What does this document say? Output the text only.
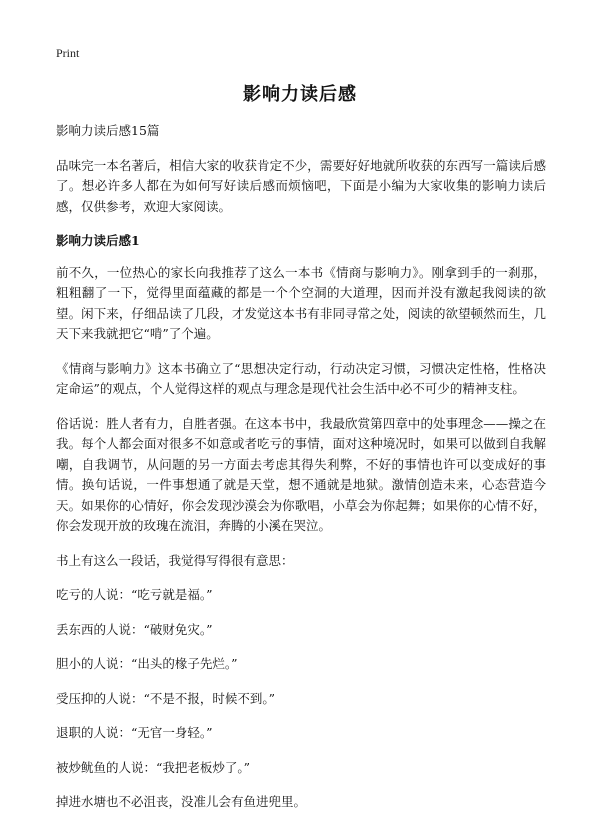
Print
影响力读后感

影响力读后感15篇

品味完一本名著后，相信大家的收获肯定不少，需要好好地就所收获的东西写一篇读后感了。想必许多人都在为如何写好读后感而烦恼吧，下面是小编为大家收集的影响力读后感，仅供参考，欢迎大家阅读。

影响力读后感1

前不久，一位热心的家长向我推荐了这么一本书《情商与影响力》。刚拿到手的一刹那，粗粗翻了一下，觉得里面蕴藏的都是一个个空洞的大道理，因而并没有激起我阅读的欲望。闲下来，仔细品读了几段，才发觉这本书有非同寻常之处，阅读的欲望顿然而生，几天下来我就把它“啃”了个遍。

《情商与影响力》这本书确立了“思想决定行动，行动决定习惯，习惯决定性格，性格决定命运”的观点，个人觉得这样的观点与理念是现代社会生活中必不可少的精神支柱。

俗话说：胜人者有力，自胜者强。在这本书中，我最欣赏第四章中的处事理念——操之在我。每个人都会面对很多不如意或者吃亏的事情，面对这种境况时，如果可以做到自我解嘲，自我调节，从问题的另一方面去考虑其得失利弊，不好的事情也许可以变成好的事情。换句话说，一件事想通了就是天堂，想不通就是地狱。激情创造未来，心态营造今天。如果你的心情好，你会发现沙漠会为你歌唱，小草会为你起舞；如果你的心情不好，你会发现开放的玫瑰在流泪，奔腾的小溪在哭泣。

书上有这么一段话，我觉得写得很有意思：

吃亏的人说：“吃亏就是福。”

丢东西的人说：“破财免灾。”

胆小的人说：“出头的椽子先烂。”

受压抑的人说：“不是不报，时候不到。”

退职的人说：“无官一身轻。”

被炒鱿鱼的人说：“我把老板炒了。”

掉进水塘也不必沮丧，没准儿会有鱼进兜里。
